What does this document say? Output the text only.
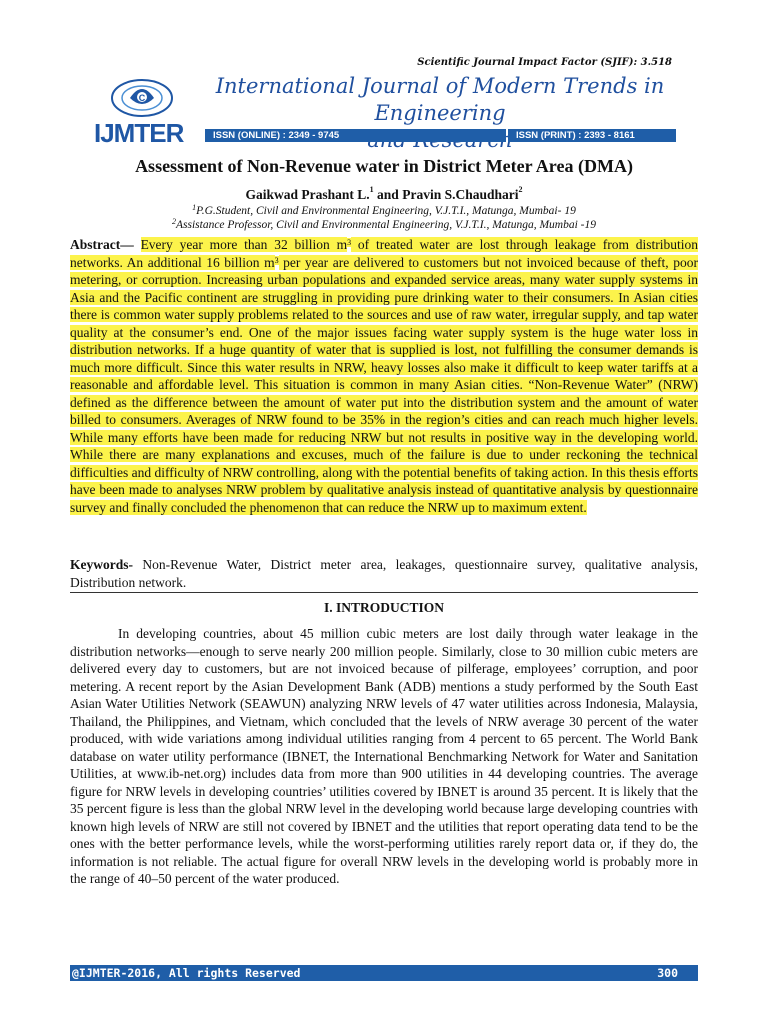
Scientific Journal Impact Factor (SJIF): 3.518
C
IJMTER
International Journal of Modern Trends in Engineering
ISSN (ONLINE) : 2349 - 9745	ISSN (PRINT) : 2393 - 8161
Assessment of Non-Revenue water in District Meter Area (DMA)
Gaikwad Prashant L.$^1$ and Pravin S.Chaudhari$^2$
$^1$P.G.Student, Civil and Environmental Engineering, V.J.T.I., Matunga, Mumbai- 19
$^2$Assistance Professor, Civil and Environmental Engineering, V.J.T.I., Matunga, Mumbai -19
Abstract— Every year more than 32 billion $m^3$ of treated water are lost through leakage from distribution networks. An additional 16 billion $m^3$ per year are delivered to customers but not invoiced because of theft, poor metering, or corruption. Increasing urban populations and expanded service areas, many water supply systems in Asia and the Pacific continent are struggling in providing pure drinking water to their consumers. In Asian cities there is common water supply problems related to the sources and use of raw water, irregular supply, and tap water quality at the consumer’s end. One of the major issues facing water supply system is the huge water loss in distribution networks. If a huge quantity of water that is supplied is lost, not fulfilling the consumer demands is much more difficult. Since this water results in NRW, heavy losses also make it difficult to keep water tariffs at a reasonable and affordable level. This situation is common in many Asian cities. “Non-Revenue Water” (NRW) defined as the difference between the amount of water put into the distribution system and the amount of water billed to consumers. Averages of NRW found to be 35% in the region’s cities and can reach much higher levels. While many efforts have been made for reducing NRW but not results in positive way in the developing world. While there are many explanations and excuses, much of the failure is due to under reckoning the technical difficulties and difficulty of NRW controlling, along with the potential benefits of taking action. In this thesis efforts have been made to analyses NRW problem by qualitative analysis instead of quantitative analysis by questionnaire survey and finally concluded the phenomenon that can reduce the NRW up to maximum extent.
Keywords- Non-Revenue Water, District meter area, leakages, questionnaire survey, qualitative analysis, Distribution network.
I. INTRODUCTION
In developing countries, about 45 million cubic meters are lost daily through water leakage in the distribution networks—enough to serve nearly 200 million people. Similarly, close to 30 million cubic meters are delivered every day to customers, but are not invoiced because of pilferage, employees’ corruption, and poor metering. A recent report by the Asian Development Bank (ADB) mentions a study performed by the South East Asian Water Utilities Network (SEAWUN) analyzing NRW levels of 47 water utilities across Indonesia, Malaysia, Thailand, the Philippines, and Vietnam, which concluded that the levels of NRW average 30 percent of the water produced, with wide variations among individual utilities ranging from 4 percent to 65 percent. The World Bank database on water utility performance (IBNET, the International Benchmarking Network for Water and Sanitation Utilities, at www.ib-net.org) includes data from more than 900 utilities in 44 developing countries. The average figure for NRW levels in developing countries’ utilities covered by IBNET is around 35 percent. It is likely that the 35 percent figure is less than the global NRW level in the developing world because large developing countries with known high levels of NRW are still not covered by IBNET and the utilities that report operating data tend to be the ones with the better performance levels, while the worst-performing utilities rarely report data or, if they do, the information is not reliable. The actual figure for overall NRW levels in the developing world is probably more in the range of 40–50 percent of the water produced.
@IJMTER-2016, All rights Reserved	300
